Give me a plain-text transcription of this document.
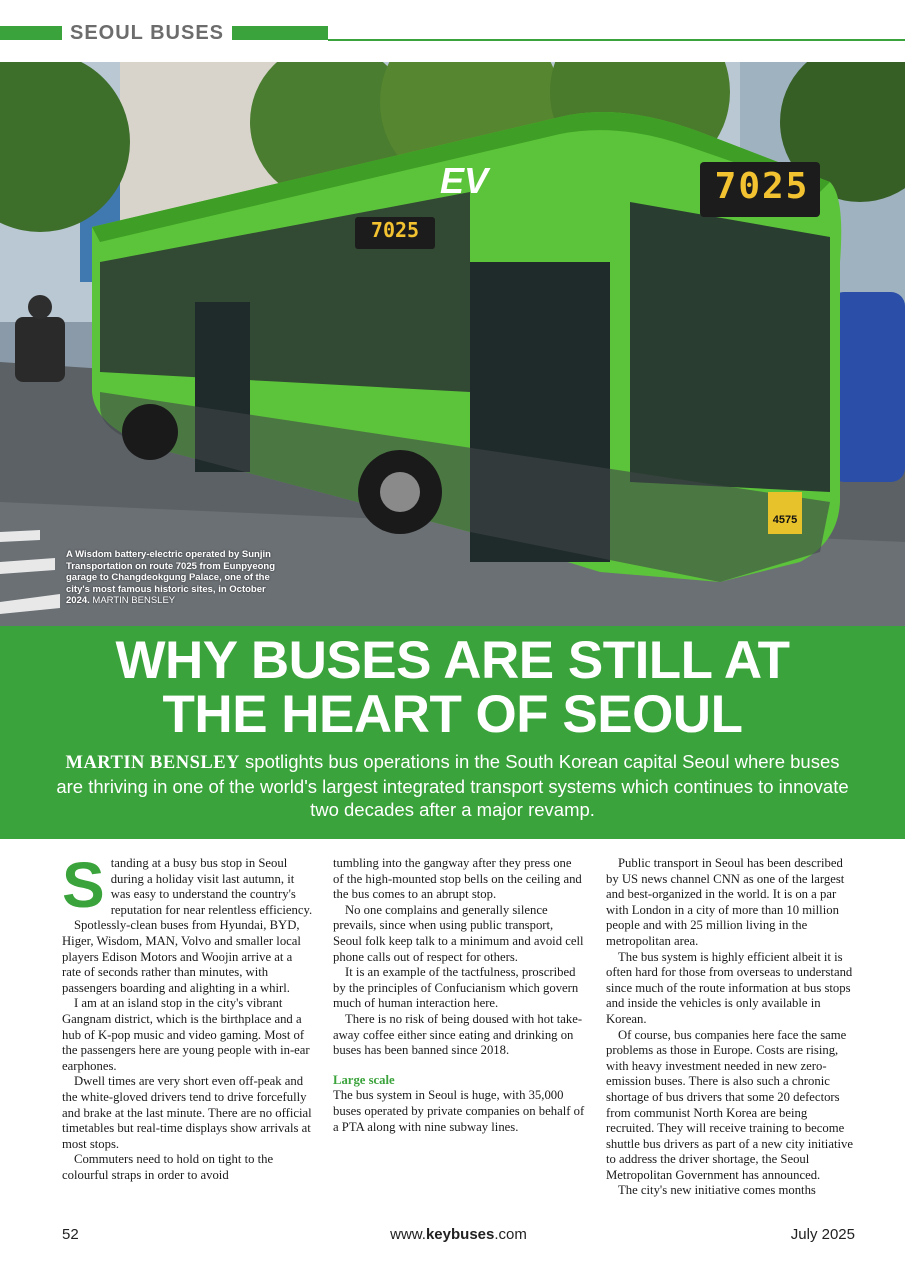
SEOUL BUSES
7025
7025
EV
4575
A Wisdom battery-electric operated by Sunjin Transportation on route 7025 from Eunpyeong garage to Changdeokgung Palace, one of the city's most famous historic sites, in October 2024. MARTIN BENSLEY
WHY BUSES ARE STILL AT
THE HEART OF SEOUL
MARTIN BENSLEY spotlights bus operations in the South Korean capital Seoul where buses are thriving in one of the world's largest integrated transport systems which continues to innovate two decades after a major revamp.

Standing at a busy bus stop in Seoul during a holiday visit last autumn, it was easy to understand the country's reputation for near relentless efficiency.

Spotlessly-clean buses from Hyundai, BYD, Higer, Wisdom, MAN, Volvo and smaller local players Edison Motors and Woojin arrive at a rate of seconds rather than minutes, with passengers boarding and alighting in a whirl.

I am at an island stop in the city's vibrant Gangnam district, which is the birthplace and a hub of K-pop music and video gaming. Most of the passengers here are young people with in-ear earphones.

Dwell times are very short even off-peak and the white-gloved drivers tend to drive forcefully and brake at the last minute. There are no official timetables but real-time displays show arrivals at most stops.

Commuters need to hold on tight to the colourful straps in order to avoid

tumbling into the gangway after they press one of the high-mounted stop bells on the ceiling and the bus comes to an abrupt stop.

No one complains and generally silence prevails, since when using public transport, Seoul folk keep talk to a minimum and avoid cell phone calls out of respect for others.

It is an example of the tactfulness, proscribed by the principles of Confucianism which govern much of human interaction here.

There is no risk of being doused with hot take-away coffee either since eating and drinking on buses has been banned since 2018.

Large scale

The bus system in Seoul is huge, with 35,000 buses operated by private companies on behalf of a PTA along with nine subway lines.

Public transport in Seoul has been described by US news channel CNN as one of the largest and best-organized in the world. It is on a par with London in a city of more than 10 million people and with 25 million living in the metropolitan area.

The bus system is highly efficient albeit it is often hard for those from overseas to understand since much of the route information at bus stops and inside the vehicles is only available in Korean.

Of course, bus companies here face the same problems as those in Europe. Costs are rising, with heavy investment needed in new zero-emission buses. There is also such a chronic shortage of bus drivers that some 20 defectors from communist North Korea are being recruited. They will receive training to become shuttle bus drivers as part of a new city initiative to address the driver shortage, the Seoul Metropolitan Government has announced.

The city's new initiative comes months

52	www.keybuses.com	July 2025
